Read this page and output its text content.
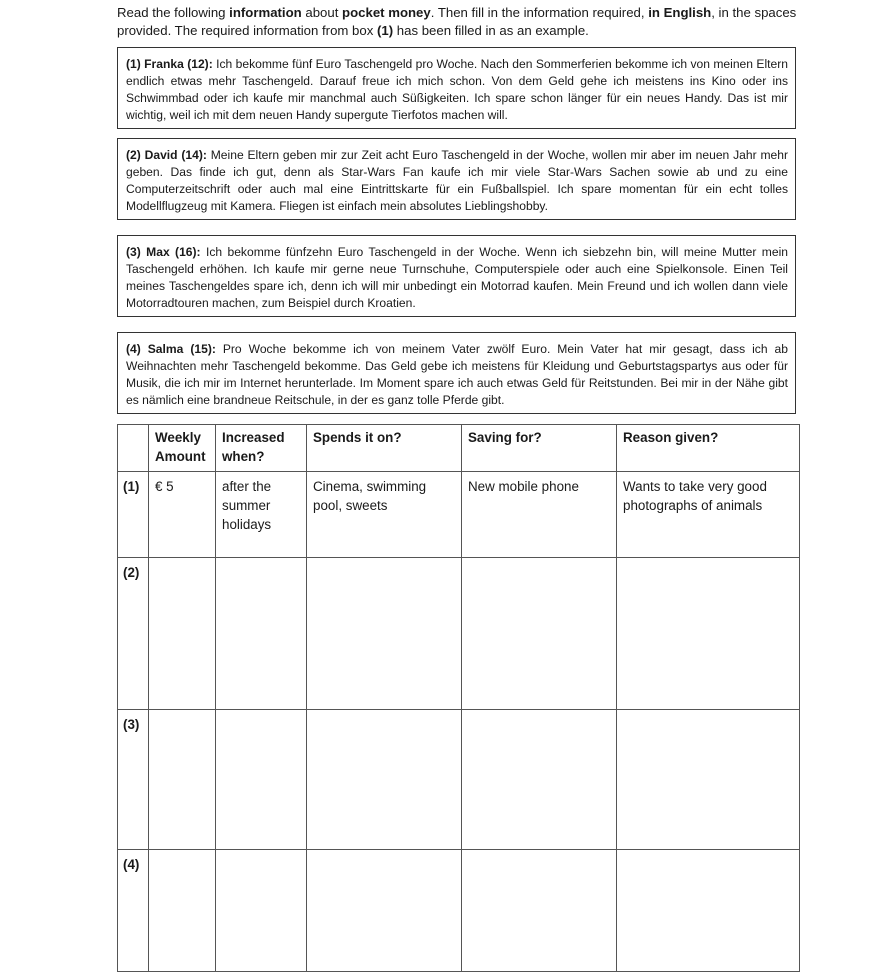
Read the following information about pocket money. Then fill in the information required, in English, in the spaces provided. The required information from box (1) has been filled in as an example.
(1) Franka (12): Ich bekomme fünf Euro Taschengeld pro Woche. Nach den Sommerferien bekomme ich von meinen Eltern endlich etwas mehr Taschengeld. Darauf freue ich mich schon. Von dem Geld gehe ich meistens ins Kino oder ins Schwimmbad oder ich kaufe mir manchmal auch Süßigkeiten. Ich spare schon länger für ein neues Handy. Das ist mir wichtig, weil ich mit dem neuen Handy supergute Tierfotos machen will.
(2) David (14): Meine Eltern geben mir zur Zeit acht Euro Taschengeld in der Woche, wollen mir aber im neuen Jahr mehr geben. Das finde ich gut, denn als Star-Wars Fan kaufe ich mir viele Star-Wars Sachen sowie ab und zu eine Computerzeitschrift oder auch mal eine Eintrittskarte für ein Fußballspiel. Ich spare momentan für ein echt tolles Modellflugzeug mit Kamera. Fliegen ist einfach mein absolutes Lieblingshobby.
(3) Max (16): Ich bekomme fünfzehn Euro Taschengeld in der Woche. Wenn ich siebzehn bin, will meine Mutter mein Taschengeld erhöhen. Ich kaufe mir gerne neue Turnschuhe, Computerspiele oder auch eine Spielkonsole. Einen Teil meines Taschengeldes spare ich, denn ich will mir unbedingt ein Motorrad kaufen. Mein Freund und ich wollen dann viele Motorradtouren machen, zum Beispiel durch Kroatien.
(4) Salma (15): Pro Woche bekomme ich von meinem Vater zwölf Euro. Mein Vater hat mir gesagt, dass ich ab Weihnachten mehr Taschengeld bekomme. Das Geld gebe ich meistens für Kleidung und Geburtstagspartys aus oder für Musik, die ich mir im Internet herunterlade. Im Moment spare ich auch etwas Geld für Reitstunden. Bei mir in der Nähe gibt es nämlich eine brandneue Reitschule, in der es ganz tolle Pferde gibt.
	Weekly Amount	Increased when?	Spends it on?	Saving for?	Reason given?
(1)	€ 5	after the summer holidays	Cinema, swimming pool, sweets	New mobile phone	Wants to take very good photographs of animals
(2)					
(3)					
(4)					
